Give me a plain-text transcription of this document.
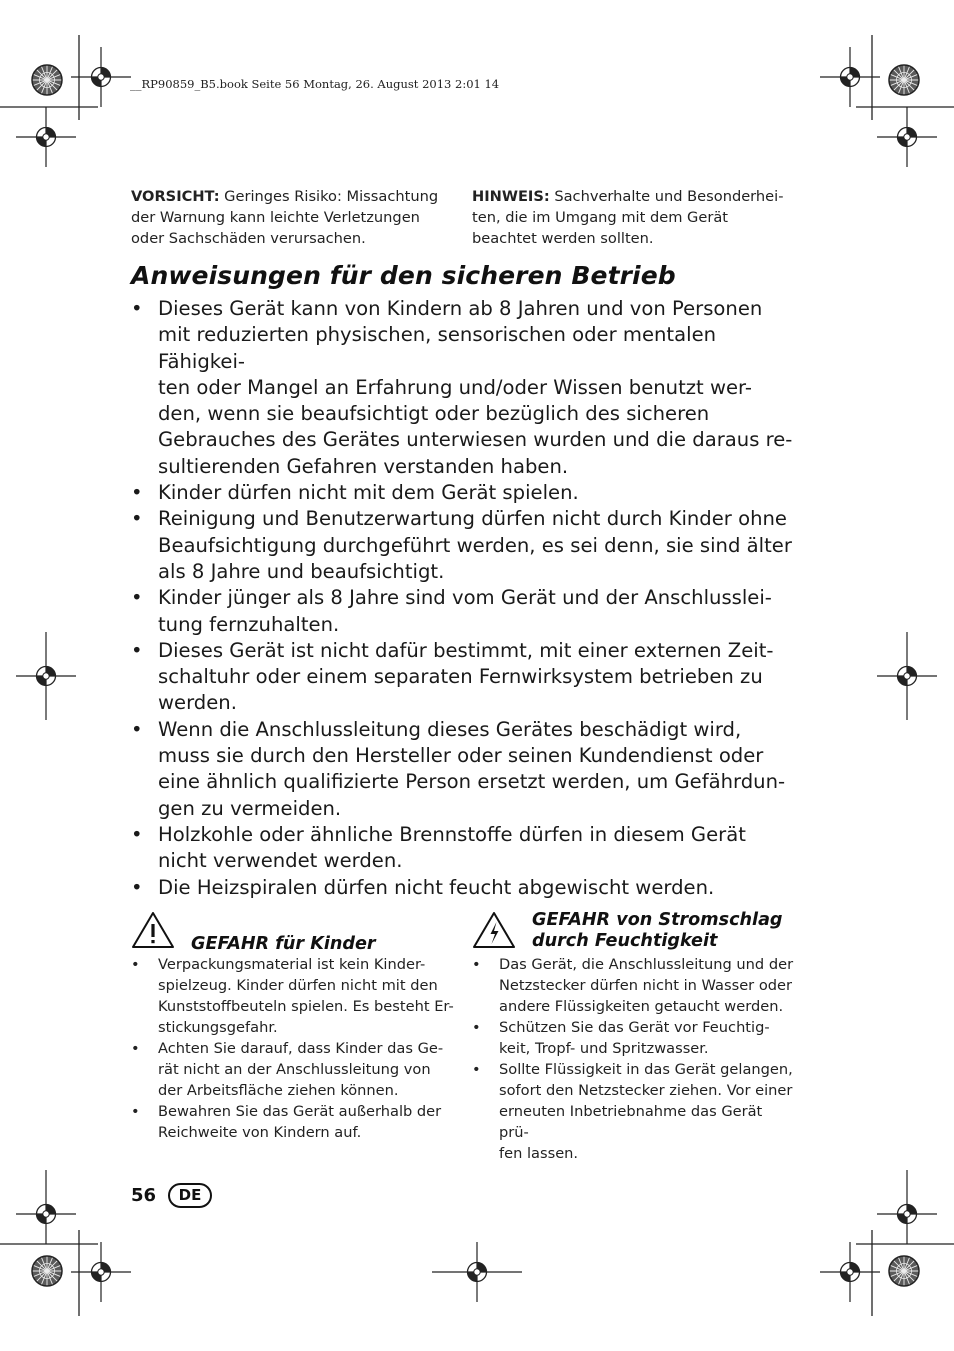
__RP90859_B5.book Seite 56 Montag, 26. August 2013 2:01 14
VORSICHT: Geringes Risiko: Missachtung der Warnung kann leichte Verletzungen oder Sachschäden verursachen.
HINWEIS: Sachverhalte und Besonderhei-ten, die im Umgang mit dem Gerät beachtet werden sollten.
Anweisungen für den sicheren Betrieb
• Dieses Gerät kann von Kindern ab 8 Jahren und von Personen
mit reduzierten physischen, sensorischen oder mentalen Fähigkei-
ten oder Mangel an Erfahrung und/oder Wissen benutzt wer-
den, wenn sie beaufsichtigt oder bezüglich des sicheren
Gebrauches des Gerätes unterwiesen wurden und die daraus re-
sultierenden Gefahren verstanden haben.
• Kinder dürfen nicht mit dem Gerät spielen.
• Reinigung und Benutzerwartung dürfen nicht durch Kinder ohne
Beaufsichtigung durchgeführt werden, es sei denn, sie sind älter
als 8 Jahre und beaufsichtigt.
• Kinder jünger als 8 Jahre sind vom Gerät und der Anschlusslei-
tung fernzuhalten.
• Dieses Gerät ist nicht dafür bestimmt, mit einer externen Zeit-
schaltuhr oder einem separaten Fernwirksystem betrieben zu
werden.
• Wenn die Anschlussleitung dieses Gerätes beschädigt wird,
muss sie durch den Hersteller oder seinen Kundendienst oder
eine ähnlich qualifizierte Person ersetzt werden, um Gefährdun-
gen zu vermeiden.
• Holzkohle oder ähnliche Brennstoffe dürfen in diesem Gerät
nicht verwendet werden.
• Die Heizspiralen dürfen nicht feucht abgewischt werden.
GEFAHR für Kinder
• Verpackungsmaterial ist kein Kinder-
spielzeug. Kinder dürfen nicht mit den
Kunststoffbeuteln spielen. Es besteht Er-
stickungsgefahr.
• Achten Sie darauf, dass Kinder das Ge-
rät nicht an der Anschlussleitung von
der Arbeitsfläche ziehen können.
• Bewahren Sie das Gerät außerhalb der
Reichweite von Kindern auf.
GEFAHR von Stromschlag
durch Feuchtigkeit
• Das Gerät, die Anschlussleitung und der
Netzstecker dürfen nicht in Wasser oder
andere Flüssigkeiten getaucht werden.
• Schützen Sie das Gerät vor Feuchtig-
keit, Tropf- und Spritzwasser.
• Sollte Flüssigkeit in das Gerät gelangen,
sofort den Netzstecker ziehen. Vor einer
erneuten Inbetriebnahme das Gerät prü-
fen lassen.
56	DE
